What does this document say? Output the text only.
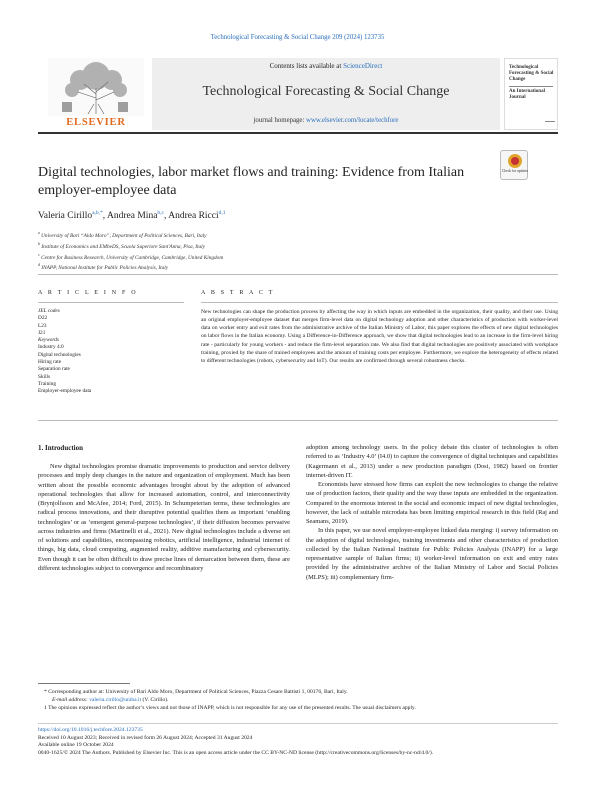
Technological Forecasting & Social Change 209 (2024) 123735
ELSEVIER
Contents lists available at ScienceDirect
Technological Forecasting & Social Change
journal homepage: www.elsevier.com/locate/techfore
Technological Forecasting & Social Change
An International Journal
Check for updates
Digital technologies, labor market flows and training: Evidence from Italian employer-employee data
Valeria Cirillo$^{a,b,*}$, Andrea Mina$^{b,c}$, Andrea Ricci$^{d,1}$
$^a$ University of Bari “Aldo Moro”, Department of Political Sciences, Bari, Italy
$^b$ Institute of Economics and EMbeDS, Scuola Superiore Sant'Anna, Pisa, Italy
$^c$ Centre for Business Research, University of Cambridge, Cambridge, United Kingdom
$^d$ INAPP, National Institute for Public Policies Analysis, Italy
A R T I C L E I N F O	A B S T R A C T
JEL codes
D22
L23
J21
Keywords
Industry 4.0
Digital technologies
Hiring rate
Separation rate
Skills
Training
Employer-employee data
New technologies can shape the production process by affecting the way in which inputs are embedded in the organization, their quality, and their use. Using an original employer-employee dataset that merges firm-level data on digital technology adoption and other characteristics of production with worker-level data on worker entry and exit rates from the administrative archive of the Italian Ministry of Labor, this paper explores the effects of new digital technologies on labor flows in the Italian economy. Using a Difference-in-Difference approach, we show that digital technologies lead to an increase in the firm-level hiring rate - particularly for young workers - and reduce the firm-level separation rate. We also find that digital technologies are positively associated with workplace training, proxied by the share of trained employees and the amount of training costs per employee. Furthermore, we explore the heterogeneity of effects related to different technologies (robots, cybersecurity and IoT). Our results are confirmed through several robustness checks.
1. Introduction

New digital technologies promise dramatic improvements to production and service delivery processes and imply deep changes in the nature and organization of employment. Much has been written about the possible economic advantages brought about by the adoption of advanced operational technologies that allow for increased automation, control, and interconnectivity (Brynjolfsson and McAfee, 2014; Ford, 2015). In Schumpeterian terms, these technologies are radical process innovations, and their disruptive potential qualifies them as important ‘enabling technologies’ or as ‘emergent general-purpose technologies’, if their diffusion becomes pervasive across industries and firms (Martinelli et al., 2021). New digital technologies include a diverse set of solutions and capabilities, encompassing robotics, artificial intelligence, industrial internet of things, big data, cloud computing, augmented reality, additive manufacturing and cybersecurity. Even though it can be often difficult to draw precise lines of demarcation between them, these are different technologies subject to convergence and recombinatory

adoption among technology users. In the policy debate this cluster of technologies is often referred to as ‘Industry 4.0’ (I4.0) to capture the convergence of digital techniques and capabilities (Kagermann et al., 2013) under a new production paradigm (Dosi, 1982) based on frontier internet-driven IT.

Economists have stressed how firms can exploit the new technologies to change the relative use of production factors, their quality and the way these inputs are embedded in the organization. Compared to the enormous interest in the social and economic impact of new digital technologies, however, the lack of suitable microdata has been limiting empirical research in this field (Raj and Seamans, 2019).

In this paper, we use novel employer-employee linked data merging: i) survey information on the adoption of digital technologies, training investments and other characteristics of production collected by the Italian National Institute for Public Policies Analysis (INAPP) for a large representative sample of Italian firms; ii) worker-level information on exit and entry rates provided by the administrative archive of the Italian Ministry of Labor and Social Policies (MLPS); iii) complementary firm-

* Corresponding author at: University of Bari Aldo Moro, Department of Political Sciences, Piazza Cesare Battisti 1, 00176, Bari, Italy.
E-mail address: valeria.cirillo@uniba.it (V. Cirillo).
1 The opinions expressed reflect the author’s views and not those of INAPP, which is not responsible for any use of the presented results. The usual disclaimers apply.
https://doi.org/10.1016/j.techfore.2024.123735
Received 10 August 2023; Received in revised form 26 August 2024; Accepted 31 August 2024
Available online 19 October 2024
0040-1625/© 2024 The Authors. Published by Elsevier Inc. This is an open access article under the CC BY-NC-ND license (http://creativecommons.org/licenses/by-nc-nd/4.0/).
